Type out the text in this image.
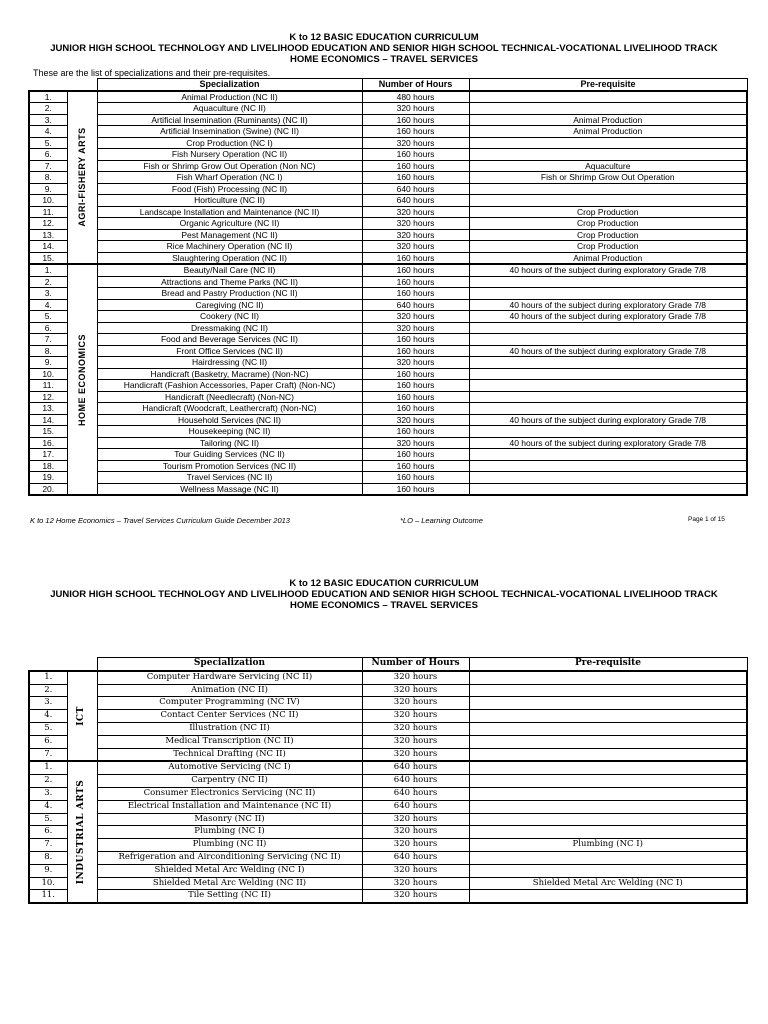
K to 12 BASIC EDUCATION CURRICULUM
JUNIOR HIGH SCHOOL TECHNOLOGY AND LIVELIHOOD EDUCATION AND SENIOR HIGH SCHOOL TECHNICAL-VOCATIONAL LIVELIHOOD TRACK
HOME ECONOMICS – TRAVEL SERVICES
These are the list of specializations and their pre-requisites.
		Specialization	Number of Hours	Pre-requisite
1.	AGRI-FISHERY ARTS	Animal Production (NC II)	480 hours	
2.		Aquaculture (NC II)	320 hours	
3.		Artificial Insemination (Ruminants) (NC II)	160 hours	Animal Production
4.		Artificial Insemination (Swine) (NC II)	160 hours	Animal Production
5.		Crop Production (NC I)	320 hours	
6.		Fish Nursery Operation (NC II)	160 hours	
7.		Fish or Shrimp Grow Out Operation (Non NC)	160 hours	Aquaculture
8.		Fish Wharf Operation (NC I)	160 hours	Fish or Shrimp Grow Out Operation
9.		Food (Fish) Processing (NC II)	640 hours	
10.		Horticulture (NC II)	640 hours	
11.		Landscape Installation and Maintenance (NC II)	320 hours	Crop Production
12.		Organic Agriculture (NC II)	320 hours	Crop Production
13.		Pest Management (NC II)	320 hours	Crop Production
14.		Rice Machinery Operation (NC II)	320 hours	Crop Production
15.		Slaughtering Operation (NC II)	160 hours	Animal Production
1.	HOME ECONOMICS	Beauty/Nail Care (NC II)	160 hours	40 hours of the subject during exploratory Grade 7/8
2.		Attractions and Theme Parks (NC II)	160 hours	
3.		Bread and Pastry Production (NC II)	160 hours	
4.		Caregiving (NC II)	640 hours	40 hours of the subject during exploratory Grade 7/8
5.		Cookery (NC II)	320 hours	40 hours of the subject during exploratory Grade 7/8
6.		Dressmaking (NC II)	320 hours	
7.		Food and Beverage Services (NC II)	160 hours	
8.		Front Office Services (NC II)	160 hours	40 hours of the subject during exploratory Grade 7/8
9.		Hairdressing (NC II)	320 hours	
10.		Handicraft (Basketry, Macrame) (Non-NC)	160 hours	
11.		Handicraft (Fashion Accessories, Paper Craft) (Non-NC)	160 hours	
12.		Handicraft (Needlecraft) (Non-NC)	160 hours	
13.		Handicraft (Woodcraft, Leathercraft) (Non-NC)	160 hours	
14.		Household Services (NC II)	320 hours	40 hours of the subject during exploratory Grade 7/8
15.		Housekeeping (NC II)	160 hours	
16.		Tailoring (NC II)	320 hours	40 hours of the subject during exploratory Grade 7/8
17.		Tour Guiding Services (NC II)	160 hours	
18.		Tourism Promotion Services (NC II)	160 hours	
19.		Travel Services (NC II)	160 hours	
20.		Wellness Massage (NC II)	160 hours	
K to 12 Home Economics – Travel Services Curriculum Guide December 2013	*LO – Learning Outcome	Page 1 of 15
K to 12 BASIC EDUCATION CURRICULUM
JUNIOR HIGH SCHOOL TECHNOLOGY AND LIVELIHOOD EDUCATION AND SENIOR HIGH SCHOOL TECHNICAL-VOCATIONAL LIVELIHOOD TRACK
HOME ECONOMICS – TRAVEL SERVICES
		Specialization	Number of Hours	Pre-requisite
1.	ICT	Computer Hardware Servicing (NC II)	320 hours	
2.		Animation (NC II)	320 hours	
3.		Computer Programming (NC IV)	320 hours	
4.		Contact Center Services (NC II)	320 hours	
5.		Illustration (NC II)	320 hours	
6.		Medical Transcription (NC II)	320 hours	
7.		Technical Drafting (NC II)	320 hours	
1.	INDUSTRIAL ARTS	Automotive Servicing (NC I)	640 hours	
2.		Carpentry (NC II)	640 hours	
3.		Consumer Electronics Servicing (NC II)	640 hours	
4.		Electrical Installation and Maintenance (NC II)	640 hours	
5.		Masonry (NC II)	320 hours	
6.		Plumbing (NC I)	320 hours	
7.		Plumbing (NC II)	320 hours	Plumbing (NC I)
8.		Refrigeration and Airconditioning Servicing (NC II)	640 hours	
9.		Shielded Metal Arc Welding (NC I)	320 hours	
10.		Shielded Metal Arc Welding (NC II)	320 hours	Shielded Metal Arc Welding (NC I)
11.		Tile Setting (NC II)	320 hours	
